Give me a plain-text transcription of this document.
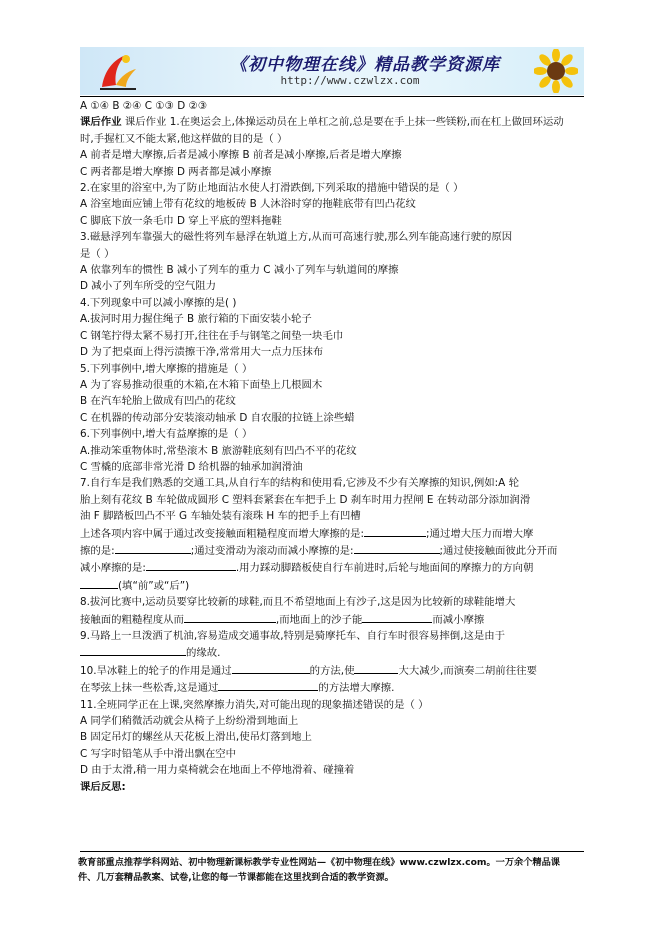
《初中物理在线》精品教学资源库
http://www.czwlzx.com

A ①④ B ②④ C ①③ D ②③

课后作业 课后作业 1.在奥运会上,体操运动员在上单杠之前,总是要在手上抹一些镁粉,而在杠上做回环运动

时,手握杠又不能太紧,他这样做的目的是（ ）

A 前者是增大摩擦,后者是减小摩擦 B 前者是减小摩擦,后者是增大摩擦

C 两者都是增大摩擦 D 两者都是减小摩擦

2.在家里的浴室中,为了防止地面沾水使人打滑跌倒,下列采取的措施中错误的是（ ）

A 浴室地面应铺上带有花纹的地板砖 B 人沐浴时穿的拖鞋底带有凹凸花纹

C 脚底下放一条毛巾 D 穿上平底的塑料拖鞋

3.磁悬浮列车靠强大的磁性将列车悬浮在轨道上方,从而可高速行驶,那么列车能高速行驶的原因

是（ ）

A 依靠列车的惯性 B 减小了列车的重力 C 减小了列车与轨道间的摩擦

D 减小了列车所受的空气阻力

4.下列现象中可以减小摩擦的是( )

A.拔河时用力握住绳子 B 旅行箱的下面安装小轮子

C 钢笔拧得太紧不易打开,往往在手与钢笔之间垫一块毛巾

D 为了把桌面上得污渍擦干净,常常用大一点力压抹布

5.下列事例中,增大摩擦的措施是（ ）

A 为了容易推动很重的木箱,在木箱下面垫上几根圆木

B 在汽车轮胎上做成有凹凸的花纹

C 在机器的传动部分安装滚动轴承 D 自农服的拉链上涂些蜡

6.下列事例中,增大有益摩擦的是（ ）

A.推动笨重物体时,常垫滚木 B 旅游鞋底刻有凹凸不平的花纹

C 雪橇的底部非常光滑 D 给机器的轴承加润滑油

7.自行车是我们熟悉的交通工具,从自行车的结构和使用看,它涉及不少有关摩擦的知识,例如:A 轮

胎上刻有花纹 B 车轮做成圆形 C 塑料套紧套在车把手上 D 刹车时用力捏闸 E 在转动部分添加润滑

油 F 脚踏板凹凸不平 G 车轴处装有滚珠 H 车的把手上有凹槽

上述各项内容中属于通过改变接触面粗糙程度而增大摩擦的是:	;通过增大压力而增大摩

擦的是:	;通过变滑动为滚动而减小摩擦的是:	;通过使接触面彼此分开而

减小摩擦的是:	.用力踩动脚踏板使自行车前进时,后轮与地面间的摩擦力的方向朝

(填“前”或“后”)

8.拔河比赛中,运动员要穿比较新的球鞋,而且不希望地面上有沙子,这是因为比较新的球鞋能增大

接触面的粗糙程度从而	,而地面上的沙子能	而减小摩擦

9.马路上一旦泼洒了机油,容易造成交通事故,特别是骑摩托车、自行车时很容易摔倒,这是由于

的缘故.

10.旱冰鞋上的轮子的作用是通过	的方法,使	大大减少,而演奏二胡前往往要

在琴弦上抹一些松香,这是通过	的方法增大摩擦.

11.全班同学正在上课,突然摩擦力消失,对可能出现的现象描述错误的是（ ）

A 同学们稍微活动就会从椅子上纷纷滑到地面上

B 固定吊灯的螺丝从天花板上滑出,使吊灯落到地上

C 写字时铅笔从手中滑出飘在空中

D 由于太滑,稍一用力桌椅就会在地面上不停地滑着、碰撞着

课后反思:

教育部重点推荐学科网站、初中物理新课标教学专业性网站—《初中物理在线》www.czwlzx.com。一万余个精品课

件、几万套精品教案、试卷,让您的每一节课都能在这里找到合适的教学资源。
